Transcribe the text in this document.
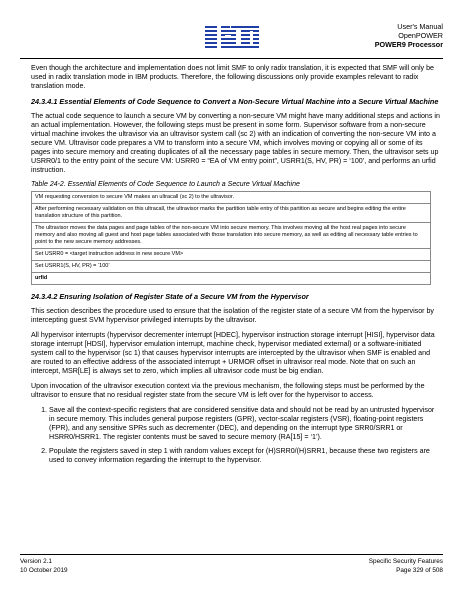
User's Manual
OpenPOWER
POWER9 Processor

Even though the architecture and implementation does not limit SMF to only radix translation, it is expected that SMF will only be used in radix translation mode in IBM products. Therefore, the following discussions only provide examples relevant to radix translation mode.

24.3.4.1 Essential Elements of Code Sequence to Convert a Non-Secure Virtual Machine into a Secure Virtual Machine

The actual code sequence to launch a secure VM by converting a non-secure VM might have many additional steps and actions in an actual implementation. However, the following steps must be present in some form. Supervisor software from a non-secure virtual machine invokes the ultravisor via an ultravisor system call (sc 2) with an indication of converting the non-secure VM into a secure VM. Ultravisor code prepares a VM to transform into a secure VM, which involves moving or copying all or some of its pages into secure memory and creating duplicates of all the necessary page tables in secure memory. Then, the ultravisor sets up USRR0/1 to the entry point of the secure VM: USRR0 = “EA of VM entry point”, USRR1(S, HV, PR) = ‘100’, and performs an urfid instruction.

Table 24-2. Essential Elements of Code Sequence to Launch a Secure Virtual Machine
VM requesting conversion to secure VM makes an ultracall (sc 2) to the ultravisor.
After performing necessary validation on this ultracall, the ultravisor marks the partition table entry of this partition as secure and begins editing the entire translation structure of this partition.
The ultravisor moves the data pages and page tables of the non-secure VM into secure memory. This involves moving all the host real pages into secure memory and also moving all guest and host page tables associated with those translation into secure memory, as well as editing all necessary table entries to point to the new secure memory addresses.
Set USRR0 = <target instruction address in new secure VM>
Set USRR1(S, HV, PR) = ‘100’
urfid
24.3.4.2 Ensuring Isolation of Register State of a Secure VM from the Hypervisor

This section describes the procedure used to ensure that the isolation of the register state of a secure VM from the hypervisor by intercepting guest SVM hypervisor privileged interrupts by the ultravisor.

All hypervisor interrupts (hypervisor decrementer interrupt [HDEC], hypervisor instruction storage interrupt [HISI], hypervisor data storage interrupt [HDSI], hypervisor emulation interrupt, machine check, hypervisor mediated external) or a software-initiated system call to the hypervisor (sc 1) that causes hypervisor interrupts are intercepted by the ultravisor when SMF is enabled and are routed to an effective address of the associated interrupt + URMOR offset in ultravisor real mode. Note that on such an intercept, MSR[LE] is always set to zero, which implies all ultravisor code must be big endian.

Upon invocation of the ultravisor execution context via the previous mechanism, the following steps must be performed by the ultravisor to ensure that no residual register state from the secure VM is left over for the hypervisor to access.

1. Save all the context-specific registers that are considered sensitive data and should not be read by an untrusted hypervisor in secure memory. This includes general purpose registers (GPR), vector-scalar registers (VSR), floating-point registers (FPR), and any sensitive SPRs such as decrementer (DEC), and depending on the interrupt type SRR0/SRR1 or HSRR0/HSRR1. The register contents must be saved to secure memory (RA[15] = ‘1’).
2. Populate the registers saved in step 1 with random values except for (H)SRR0/(H)SRR1, because these two registers are used to convey information regarding the interrupt to the hypervisor.
Version 2.1
10 October 2019
Specific Security Features
Page 329 of 508
